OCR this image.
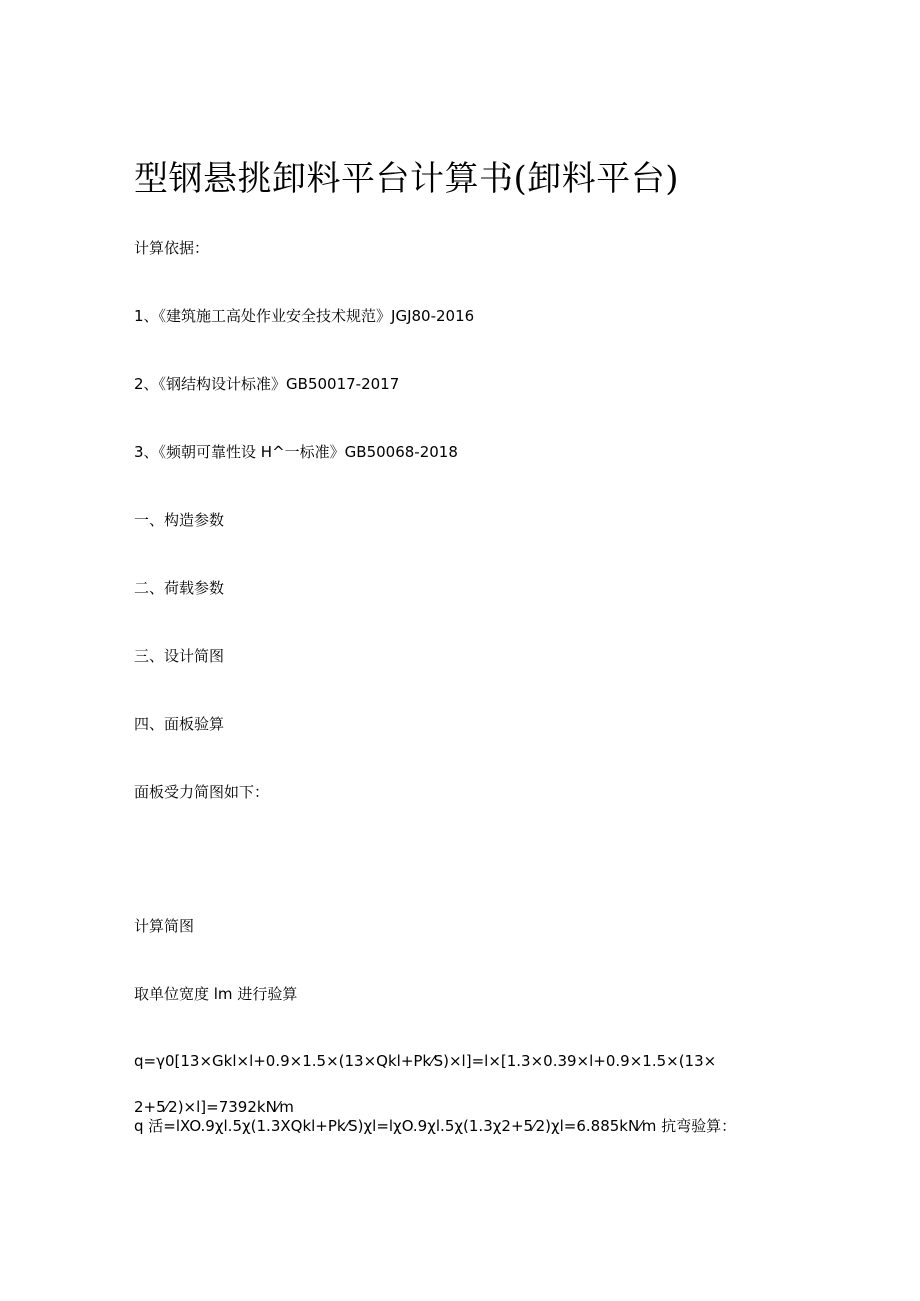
型钢悬挑卸料平台计算书(卸料平台)
计算依据：
1、《建筑施工高处作业安全技术规范》JGJ80-2016
2、《钢结构设计标准》GB50017-2017
3、《频朝可靠性设 H^一标准》GB50068-2018
一、构造参数
二、荷载参数
三、设计简图
四、面板验算
面板受力简图如下：
计算简图
取单位宽度 lm 进行验算
q=γ0[13×Gkl×l+0.9×1.5×(13×Qkl+Pk⁄S)×l]=l×[1.3×0.39×l+0.9×1.5×(13×
2+5⁄2)×l]=7392kN⁄m
q 活=lXO.9χl.5χ(1.3XQkl+Pk⁄S)χl=lχO.9χl.5χ(1.3χ2+5⁄2)χl=6.885kN⁄m 抗弯验算：
